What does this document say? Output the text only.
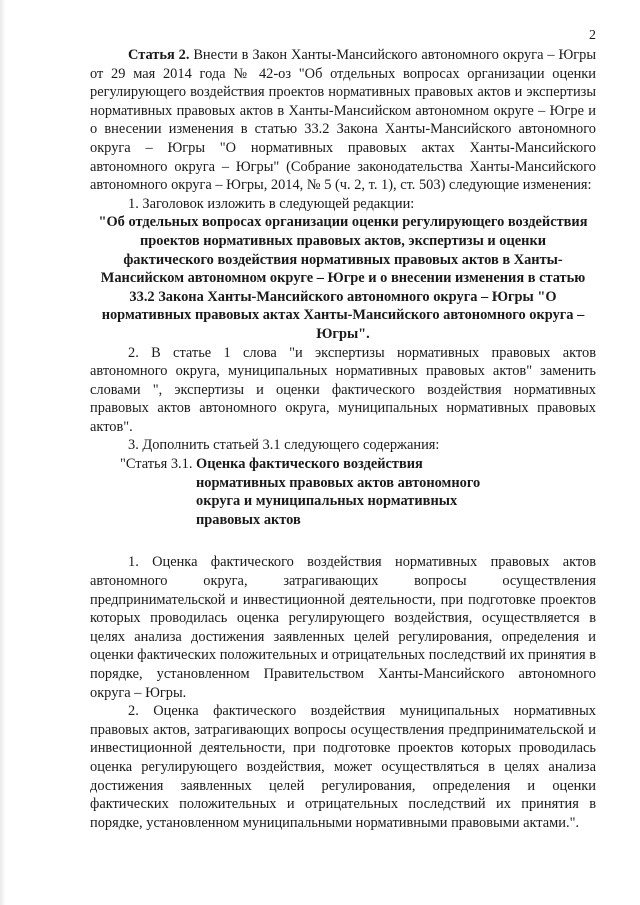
2

Статья 2. Внести в Закон Ханты-Мансийского автономного округа – Югры от 29 мая 2014 года № 42-оз "Об отдельных вопросах организации оценки регулирующего воздействия проектов нормативных правовых актов и экспертизы нормативных правовых актов в Ханты-Мансийском автономном округе – Югре и о внесении изменения в статью 33.2 Закона Ханты-Мансийского автономного округа – Югры "О нормативных правовых актах Ханты-Мансийского автономного округа – Югры" (Собрание законодательства Ханты-Мансийского автономного округа – Югры, 2014, № 5 (ч. 2, т. 1), ст. 503) следующие изменения:

1. Заголовок изложить в следующей редакции:

"Об отдельных вопросах организации оценки регулирующего воздействия проектов нормативных правовых актов, экспертизы и оценки фактического воздействия нормативных правовых актов в Ханты-Мансийском автономном округе – Югре и о внесении изменения в статью 33.2 Закона Ханты-Мансийского автономного округа – Югры "О нормативных правовых актах Ханты-Мансийского автономного округа – Югры".

2. В статье 1 слова "и экспертизы нормативных правовых актов автономного округа, муниципальных нормативных правовых актов" заменить словами ", экспертизы и оценки фактического воздействия нормативных правовых актов автономного округа, муниципальных нормативных правовых актов".

3. Дополнить статьей 3.1 следующего содержания:

"Статья 3.1. Оценка фактического воздействия нормативных правовых актов автономного округа и муниципальных нормативных правовых актов

1. Оценка фактического воздействия нормативных правовых актов автономного округа, затрагивающих вопросы осуществления предпринимательской и инвестиционной деятельности, при подготовке проектов которых проводилась оценка регулирующего воздействия, осуществляется в целях анализа достижения заявленных целей регулирования, определения и оценки фактических положительных и отрицательных последствий их принятия в порядке, установленном Правительством Ханты-Мансийского автономного округа – Югры.

2. Оценка фактического воздействия муниципальных нормативных правовых актов, затрагивающих вопросы осуществления предпринимательской и инвестиционной деятельности, при подготовке проектов которых проводилась оценка регулирующего воздействия, может осуществляться в целях анализа достижения заявленных целей регулирования, определения и оценки фактических положительных и отрицательных последствий их принятия в порядке, установленном муниципальными нормативными правовыми актами.".
